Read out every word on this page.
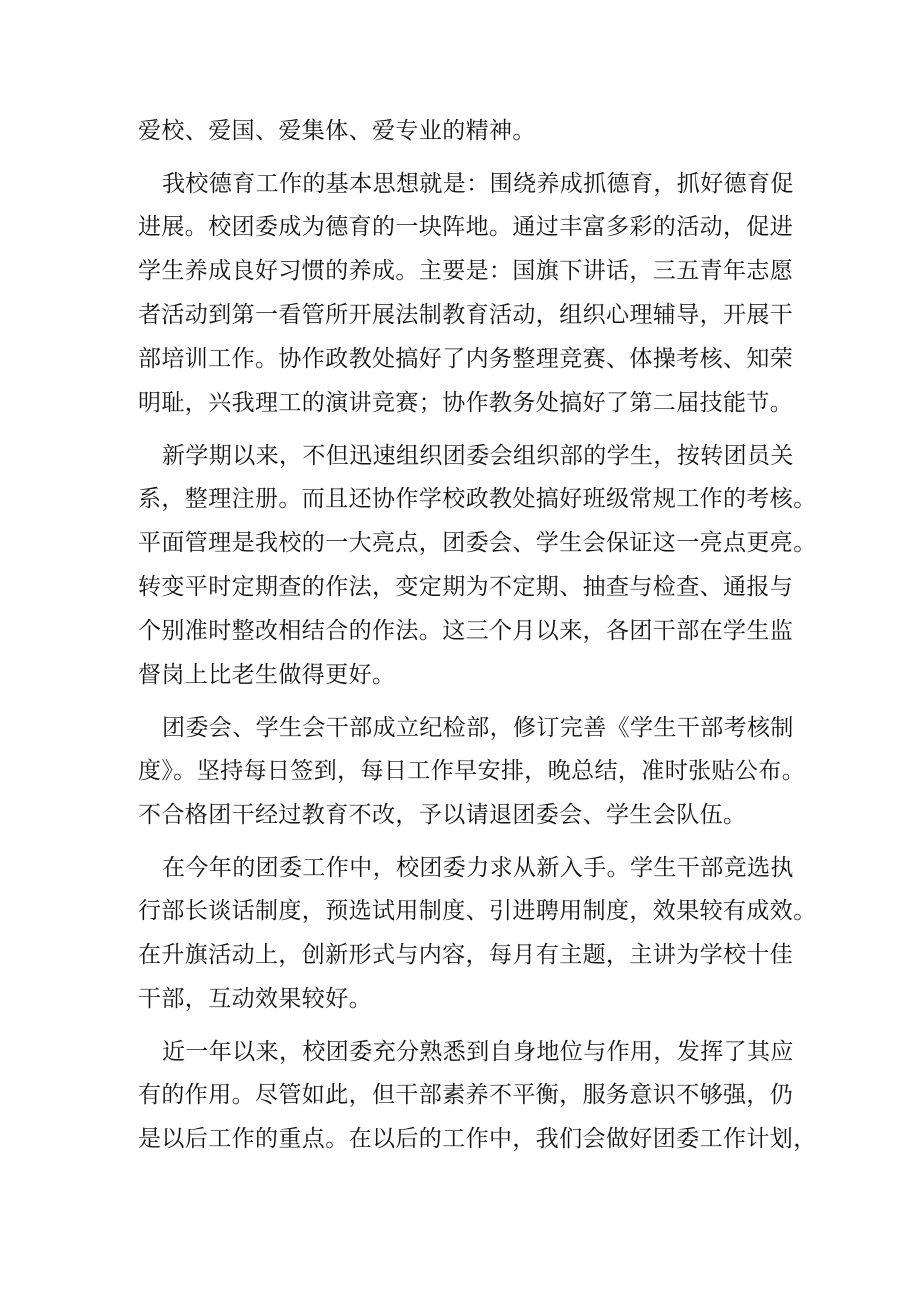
爱校、爱国、爱集体、爱专业的精神。
我校德育工作的基本思想就是：围绕养成抓德育，抓好德育促
进展。校团委成为德育的一块阵地。通过丰富多彩的活动，促进
学生养成良好习惯的养成。主要是：国旗下讲话，三五青年志愿
者活动到第一看管所开展法制教育活动，组织心理辅导，开展干
部培训工作。协作政教处搞好了内务整理竞赛、体操考核、知荣
明耻，兴我理工的演讲竞赛；协作教务处搞好了第二届技能节。
新学期以来，不但迅速组织团委会组织部的学生，按转团员关
系，整理注册。而且还协作学校政教处搞好班级常规工作的考核。
平面管理是我校的一大亮点，团委会、学生会保证这一亮点更亮。
转变平时定期查的作法，变定期为不定期、抽查与检查、通报与
个别准时整改相结合的作法。这三个月以来，各团干部在学生监
督岗上比老生做得更好。
团委会、学生会干部成立纪检部，修订完善《学生干部考核制
度》。坚持每日签到，每日工作早安排，晚总结，准时张贴公布。
不合格团干经过教育不改，予以请退团委会、学生会队伍。
在今年的团委工作中，校团委力求从新入手。学生干部竞选执
行部长谈话制度，预选试用制度、引进聘用制度，效果较有成效。
在升旗活动上，创新形式与内容，每月有主题，主讲为学校十佳
干部，互动效果较好。
近一年以来，校团委充分熟悉到自身地位与作用，发挥了其应
有的作用。尽管如此，但干部素养不平衡，服务意识不够强，仍
是以后工作的重点。在以后的工作中，我们会做好团委工作计划，
